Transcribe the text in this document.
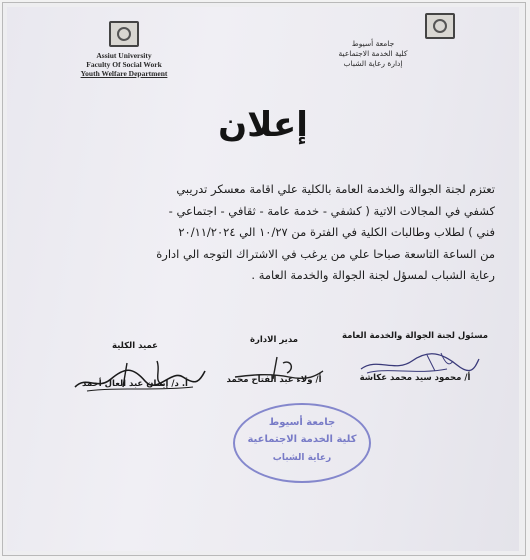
Assiut University
Faculty Of Social Work
Youth Welfare Department
جامعة أسيوط
كلية الخدمة الاجتماعية
إدارة رعاية الشباب
إعلان
تعتزم لجنة الجوالة والخدمة العامة بالكلية علي اقامة معسكر تدريبي
كشفي في المجالات الاتية ( كشفي - خدمة عامة - ثقافي - اجتماعي -
فني ) لطلاب وطالبات الكلية في الفترة من ١٠/٢٧ الي ٢٠/١١/٢٠٢٤
من الساعة التاسعة صباحا علي من يرغب في الاشتراك التوجه الي ادارة
رعاية الشباب لمسؤل لجنة الجوالة والخدمة العامة .
مسئول لجنة الجوالة والخدمة العامة
أ/ محمود سيد محمد عكاشة
مدير الادارة
أ/ ولاء عبد الفتاح محمد
عميد الكلية
أ. د/ إيمان عبد العال أحمد
جامعة أسيوط
كلية الخدمة الاجتماعية
رعاية الشباب
